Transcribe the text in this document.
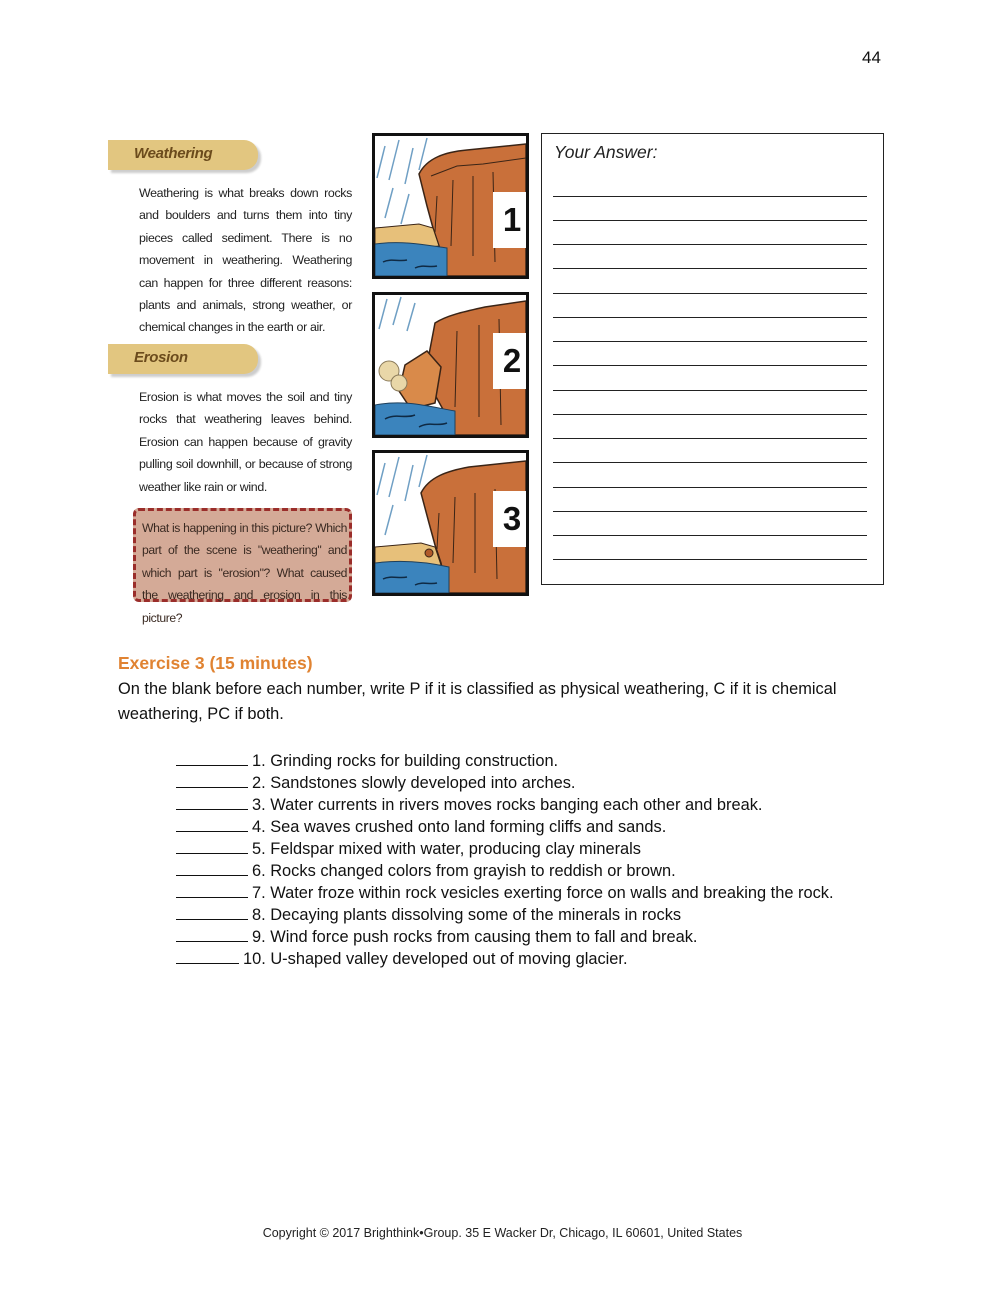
44
Weathering
Weathering is what breaks down rocks and boulders and turns them into tiny pieces called sediment. There is no movement in weathering. Weathering can happen for three different reasons: plants and animals, strong weather, or chemical changes in the earth or air.
Erosion
Erosion is what moves the soil and tiny rocks that weathering leaves behind. Erosion can happen because of gravity pulling soil downhill, or because of strong weather like rain or wind.

What is happening in this picture? Which part of the scene is "weathering" and which part is "erosion"? What caused the weathering and erosion in this picture?

1
2
3
Your Answer:
Exercise 3 (15 minutes)
On the blank before each number, write P if it is classified as physical weathering, C if it is chemical weathering, PC if both.
1. Grinding rocks for building construction.
2. Sandstones slowly developed into arches.
3. Water currents in rivers moves rocks banging each other and break.
4. Sea waves crushed onto land forming cliffs and sands.
5. Feldspar mixed with water, producing clay minerals
6. Rocks changed colors from grayish to reddish or brown.
7. Water froze within rock vesicles exerting force on walls and breaking the rock.
8. Decaying plants dissolving some of the minerals in rocks
9. Wind force push rocks from causing them to fall and break.
10. U-shaped valley developed out of moving glacier.
Copyright © 2017 Brighthink•Group. 35 E Wacker Dr, Chicago, IL 60601, United States
